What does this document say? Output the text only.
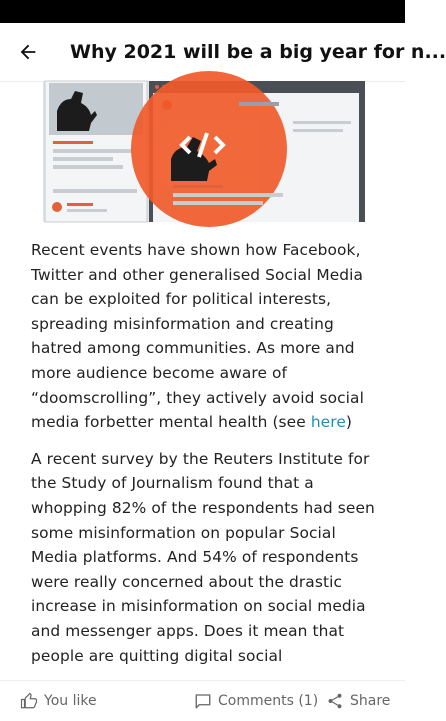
Why 2021 will be a big year for n...

Recent events have shown how Facebook, Twitter and other generalised Social Media can be exploited for political interests, spreading misinformation and creating hatred among communities. As more and more audience become aware of “doomscrolling”, they actively avoid social media forbetter mental health (see here)

A recent survey by the Reuters Institute for the Study of Journalism found that a whopping 82% of the respondents had seen some misinformation on popular Social Media platforms. And 54% of respondents were really concerned about the drastic increase in misinformation on social media and messenger apps. Does it mean that people are quitting digital social

You like	Comments (1) Share
